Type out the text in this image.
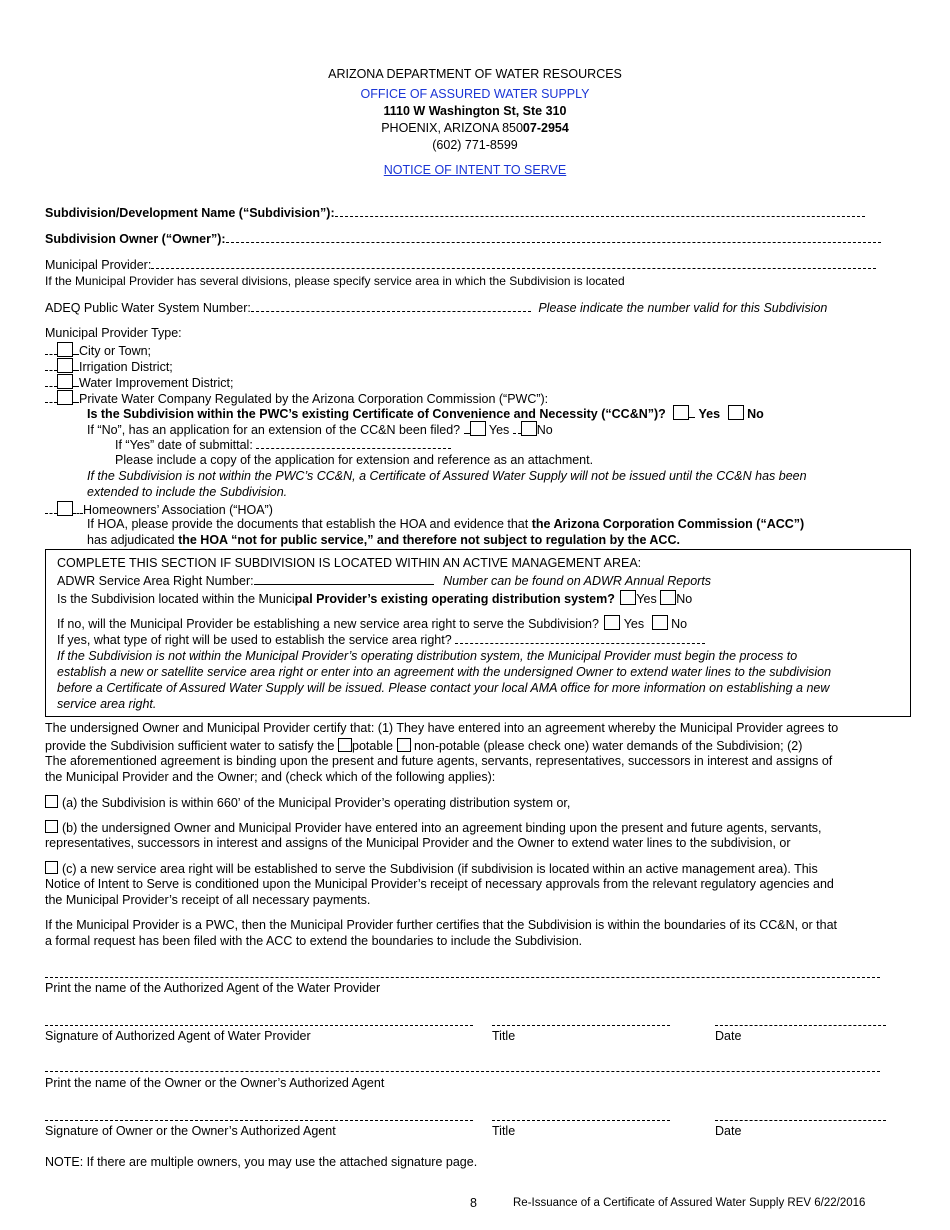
ARIZONA DEPARTMENT OF WATER RESOURCES
OFFICE OF ASSURED WATER SUPPLY
1110 W Washington St, Ste 310
PHOENIX, ARIZONA 85007-2954
(602) 771-8599
NOTICE OF INTENT TO SERVE
Subdivision/Development Name (“Subdivision”):
Subdivision Owner (“Owner”):
Municipal Provider:
If the Municipal Provider has several divisions, please specify service area in which the Subdivision is located
ADEQ Public Water System Number:	Please indicate the number valid for this Subdivision
Municipal Provider Type:
City or Town;
Irrigation District;
Water Improvement District;
Private Water Company Regulated by the Arizona Corporation Commission (“PWC”):
Is the Subdivision within the PWC’s existing Certificate of Convenience and Necessity (“CC&N”)?	Yes No
If “No”, has an application for an extension of the CC&N been filed? Yes No
If “Yes” date of submittal:
Please include a copy of the application for extension and reference as an attachment.
If the Subdivision is not within the PWC’s CC&N, a Certificate of Assured Water Supply will not be issued until the CC&N has been
extended to include the Subdivision.
Homeowners’ Association (“HOA”)
If HOA, please provide the documents that establish the HOA and evidence that the Arizona Corporation Commission (“ACC”)
has adjudicated the HOA “not for public service,” and therefore not subject to regulation by the ACC.
COMPLETE THIS SECTION IF SUBDIVISION IS LOCATED WITHIN AN ACTIVE MANAGEMENT AREA:
ADWR Service Area Right Number:	Number can be found on ADWR Annual Reports
Is the Subdivision located within the Municipal Provider’s existing operating distribution system? Yes No
If no, will the Municipal Provider be establishing a new service area right to serve the Subdivision? Yes No
If yes, what type of right will be used to establish the service area right?
If the Subdivision is not within the Municipal Provider’s operating distribution system, the Municipal Provider must begin the process to
establish a new or satellite service area right or enter into an agreement with the undersigned Owner to extend water lines to the subdivision
before a Certificate of Assured Water Supply will be issued. Please contact your local AMA office for more information on establishing a new
service area right.
The undersigned Owner and Municipal Provider certify that: (1) They have entered into an agreement whereby the Municipal Provider agrees to
provide the Subdivision sufficient water to satisfy the potable non-potable (please check one) water demands of the Subdivision; (2)
The aforementioned agreement is binding upon the present and future agents, servants, representatives, successors in interest and assigns of
the Municipal Provider and the Owner; and (check which of the following applies):
(a) the Subdivision is within 660’ of the Municipal Provider’s operating distribution system or,
(b) the undersigned Owner and Municipal Provider have entered into an agreement binding upon the present and future agents, servants,
representatives, successors in interest and assigns of the Municipal Provider and the Owner to extend water lines to the subdivision, or
(c) a new service area right will be established to serve the Subdivision (if subdivision is located within an active management area). This
Notice of Intent to Serve is conditioned upon the Municipal Provider’s receipt of necessary approvals from the relevant regulatory agencies and
the Municipal Provider’s receipt of all necessary payments.
If the Municipal Provider is a PWC, then the Municipal Provider further certifies that the Subdivision is within the boundaries of its CC&N, or that
a formal request has been filed with the ACC to extend the boundaries to include the Subdivision.
Print the name of the Authorized Agent of the Water Provider
Signature of Authorized Agent of Water Provider	Title	Date
Print the name of the Owner or the Owner’s Authorized Agent
Signature of Owner or the Owner’s Authorized Agent	Title	Date
NOTE: If there are multiple owners, you may use the attached signature page.
8	Re-Issuance of a Certificate of Assured Water Supply REV 6/22/2016
